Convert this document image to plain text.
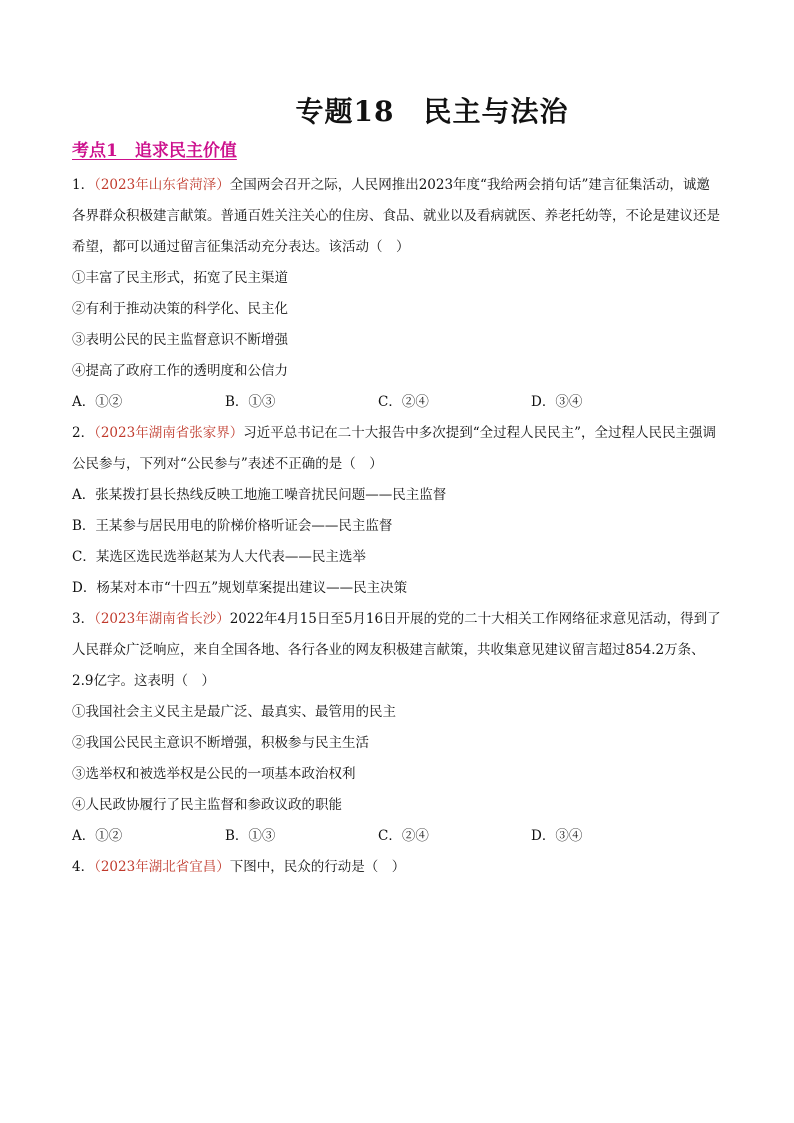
专题18　民主与法治
考点1　追求民主价值

1．（2023年山东省菏泽）全国两会召开之际，人民网推出2023年度“我给两会捎句话”建言征集活动，诚邀各界群众积极建言献策。普通百姓关注关心的住房、食品、就业以及看病就医、养老托幼等，不论是建议还是希望，都可以通过留言征集活动充分表达。该活动（　）

①丰富了民主形式，拓宽了民主渠道
②有利于推动决策的科学化、民主化
③表明公民的民主监督意识不断增强
④提高了政府工作的透明度和公信力
A．①②	B．①③	C．②④	D．③④

2．（2023年湖南省张家界）习近平总书记在二十大报告中多次提到“全过程人民民主”，全过程人民民主强调公民参与，下列对“公民参与”表述不正确的是（　）

A．张某拨打县长热线反映工地施工噪音扰民问题——民主监督
B．王某参与居民用电的阶梯价格听证会——民主监督
C．某选区选民选举赵某为人大代表——民主选举
D．杨某对本市“十四五”规划草案提出建议——民主决策

3．（2023年湖南省长沙）2022年4月15日至5月16日开展的党的二十大相关工作网络征求意见活动，得到了人民群众广泛响应，来自全国各地、各行各业的网友积极建言献策，共收集意见建议留言超过854.2万条、2.9亿字。这表明（　）

①我国社会主义民主是最广泛、最真实、最管用的民主
②我国公民民主意识不断增强，积极参与民主生活
③选举权和被选举权是公民的一项基本政治权利
④人民政协履行了民主监督和参政议政的职能
A．①②	B．①③	C．②④	D．③④

4．（2023年湖北省宜昌）下图中，民众的行动是（　）
